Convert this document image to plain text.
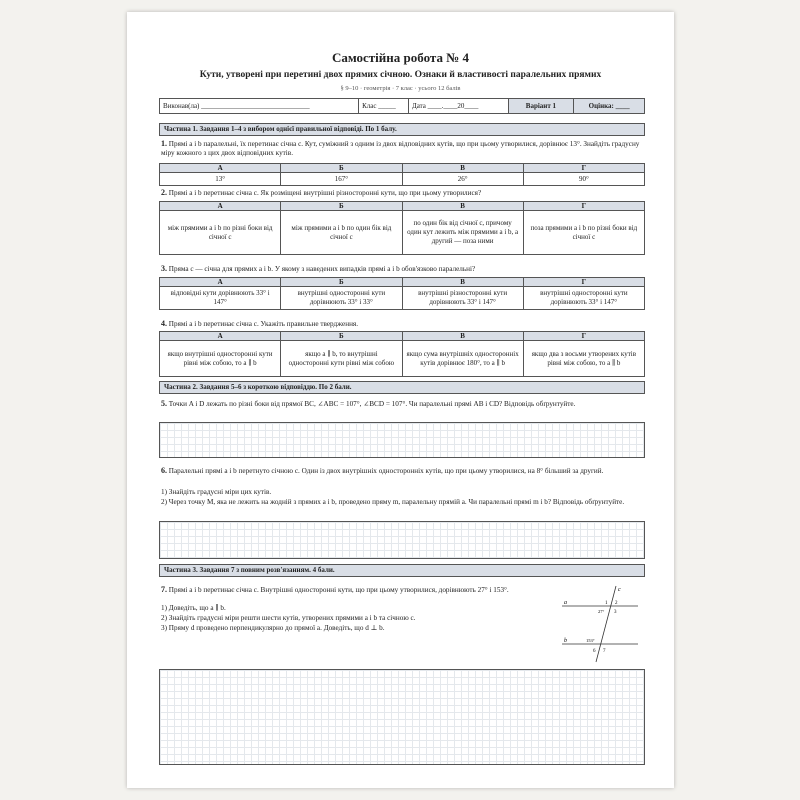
Самостійна робота № 4
Кути, утворені при перетині двох прямих січною. Ознаки й властивості паралельних прямих
§ 9–10 · геометрія · 7 клас · усього 12 балів
Виконав(ла) _______________________________	Клас _____	Дата ____.____20____	Варіант 1	Оцінка: ____
Частина 1. Завдання 1–4 з вибором однієї правильної відповіді. По 1 балу.
1. Прямі a і b паралельні, їх перетинає січна c. Кут, суміжний з одним із двох відповідних кутів, що при цьому утворилися, дорівнює 13°. Знайдіть градусну міру кожного з цих двох відповідних кутів.
А	Б	В	Г
13°	167°	26°	90°
2. Прямі a і b перетинає січна c. Як розміщені внутрішні різносторонні кути, що при цьому утворилися?
А	Б	В	Г
між прямими a і b по різні боки від січної c	між прямими a і b по один бік від січної c	по один бік від січної c, причому один кут лежить між прямими a і b, а другий — поза ними	поза прямими a і b по різні боки від січної c
3. Пряма c — січна для прямих a і b. У якому з наведених випадків прямі a і b обов'язково паралельні?
А	Б	В	Г
відповідні кути дорівнюють 33° і 147°	внутрішні односторонні кути дорівнюють 33° і 33°	внутрішні різносторонні кути дорівнюють 33° і 147°	внутрішні односторонні кути дорівнюють 33° і 147°
4. Прямі a і b перетинає січна c. Укажіть правильне твердження.
А	Б	В	Г
якщо внутрішні односторонні кути рівні між собою, то a ∥ b	якщо a ∥ b, то внутрішні односторонні кути рівні між собою	якщо сума внутрішніх односторонніх кутів дорівнює 180°, то a ∥ b	якщо два з восьми утворених кутів рівні між собою, то a ∥ b
Частина 2. Завдання 5–6 з короткою відповіддю. По 2 бали.
5. Точки A і D лежать по різні боки від прямої BC, ∠ABC = 107°, ∠BCD = 107°. Чи паралельні прямі AB і CD? Відповідь обґрунтуйте.
6. Паралельні прямі a і b перетнуто січною c. Один із двох внутрішніх односторонніх кутів, що при цьому утворилися, на 8° більший за другий.
1) Знайдіть градусні міри цих кутів.
2) Через точку M, яка не лежить на жодній з прямих a і b, проведено пряму m, паралельну прямій a. Чи паралельні прямі m і b? Відповідь обґрунтуйте.
Частина 3. Завдання 7 з повним розв'язанням. 4 бали.
7. Прямі a і b перетинає січна c. Внутрішні односторонні кути, що при цьому утворилися, дорівнюють 27° і 153°.
1) Доведіть, що a ∥ b.
2) Знайдіть градусні міри решти шести кутів, утворених прямими a і b та січною c.
3) Пряму d проведено перпендикулярно до прямої a. Доведіть, що d ⊥ b.
a
b
c
1 2
27° 3
153°
6 7
